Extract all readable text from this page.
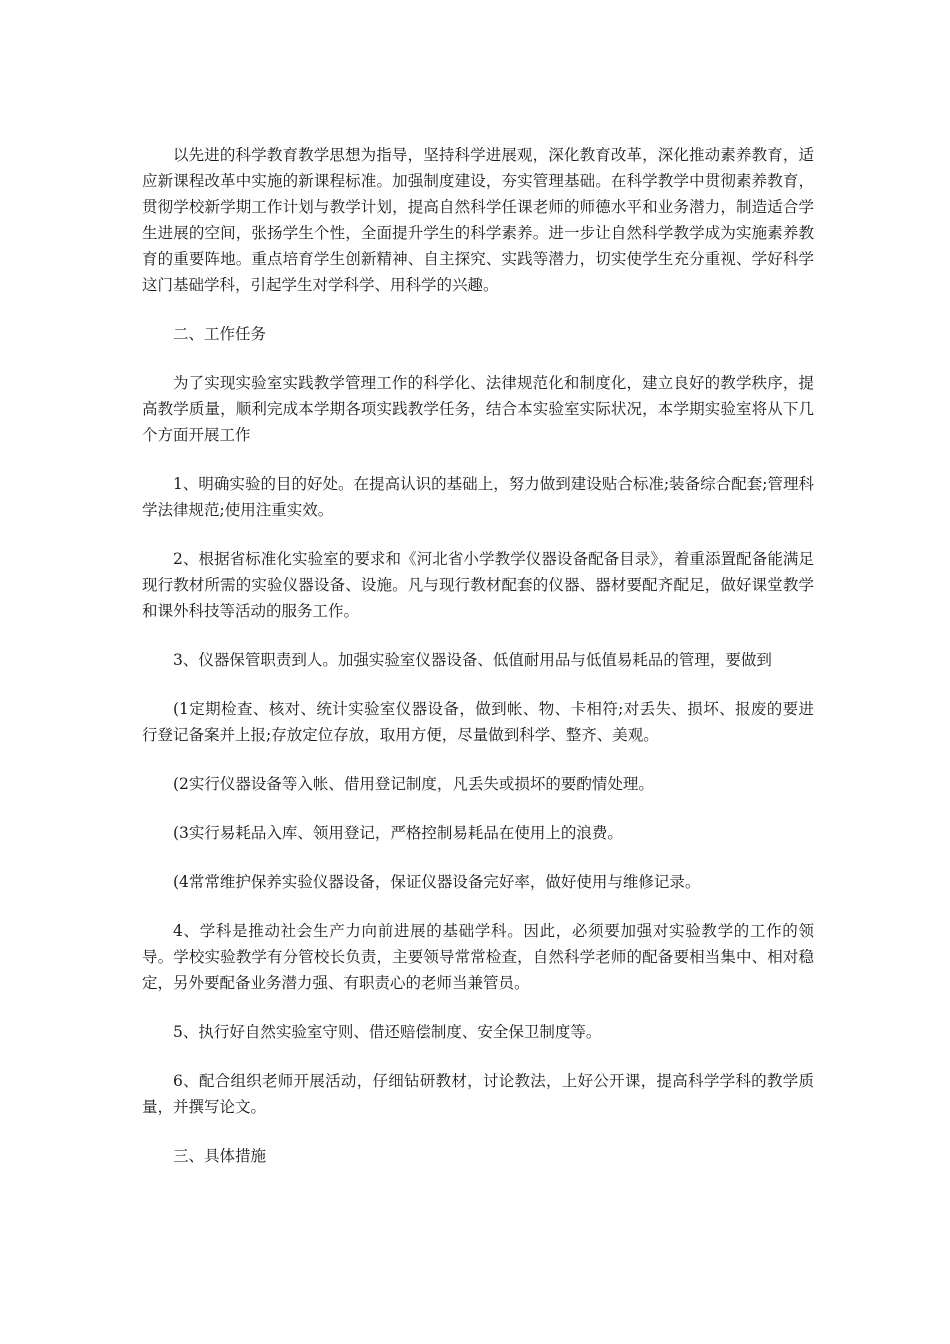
以先进的科学教育教学思想为指导，坚持科学进展观，深化教育改革，深化推动素养教育，适应新课程改革中实施的新课程标准。加强制度建设，夯实管理基础。在科学教学中贯彻素养教育，贯彻学校新学期工作计划与教学计划，提高自然科学任课老师的师德水平和业务潜力，制造适合学生进展的空间，张扬学生个性，全面提升学生的科学素养。进一步让自然科学教学成为实施素养教育的重要阵地。重点培育学生创新精神、自主探究、实践等潜力，切实使学生充分重视、学好科学这门基础学科，引起学生对学科学、用科学的兴趣。

二、工作任务

为了实现实验室实践教学管理工作的科学化、法律规范化和制度化，建立良好的教学秩序，提高教学质量，顺利完成本学期各项实践教学任务，结合本实验室实际状况，本学期实验室将从下几个方面开展工作

1、明确实验的目的好处。在提高认识的基础上，努力做到建设贴合标准;装备综合配套;管理科学法律规范;使用注重实效。

2、根据省标准化实验室的要求和《河北省小学教学仪器设备配备目录》，着重添置配备能满足现行教材所需的实验仪器设备、设施。凡与现行教材配套的仪器、器材要配齐配足，做好课堂教学和课外科技等活动的服务工作。

3、仪器保管职责到人。加强实验室仪器设备、低值耐用品与低值易耗品的管理，要做到

(1定期检查、核对、统计实验室仪器设备，做到帐、物、卡相符;对丢失、损坏、报废的要进行登记备案并上报;存放定位存放，取用方便，尽量做到科学、整齐、美观。

(2实行仪器设备等入帐、借用登记制度，凡丢失或损坏的要酌情处理。

(3实行易耗品入库、领用登记，严格控制易耗品在使用上的浪费。

(4常常维护保养实验仪器设备，保证仪器设备完好率，做好使用与维修记录。

4、学科是推动社会生产力向前进展的基础学科。因此，必须要加强对实验教学的工作的领导。学校实验教学有分管校长负责，主要领导常常检查，自然科学老师的配备要相当集中、相对稳定，另外要配备业务潜力强、有职责心的老师当兼管员。

5、执行好自然实验室守则、借还赔偿制度、安全保卫制度等。

6、配合组织老师开展活动，仔细钻研教材，讨论教法，上好公开课，提高科学学科的教学质量，并撰写论文。

三、具体措施
